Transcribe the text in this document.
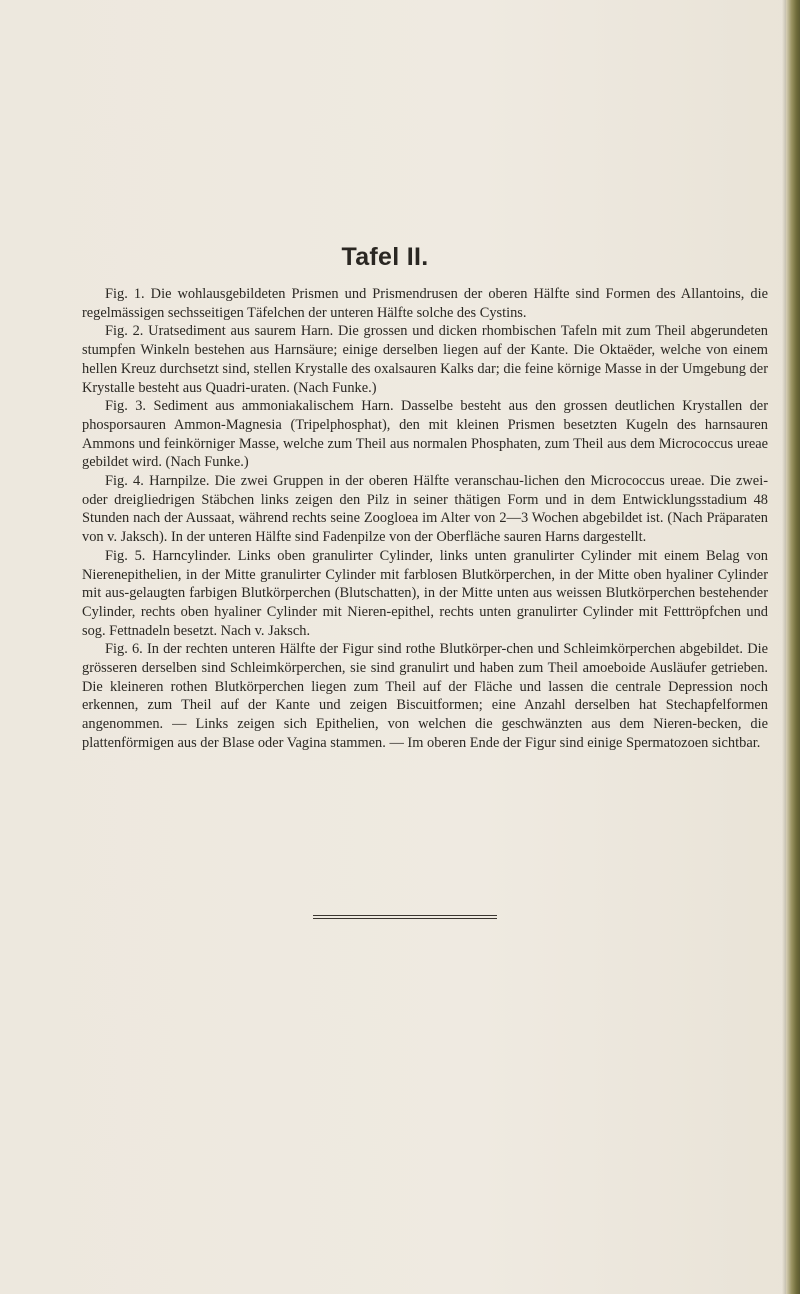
Tafel II.

Fig. 1. Die wohlausgebildeten Prismen und Prismendrusen der oberen Hälfte sind Formen des Allantoins, die regelmässigen sechsseitigen Täfelchen der unteren Hälfte solche des Cystins.

Fig. 2. Uratsediment aus saurem Harn. Die grossen und dicken rhombischen Tafeln mit zum Theil abgerundeten stumpfen Winkeln bestehen aus Harnsäure; einige derselben liegen auf der Kante. Die Oktaëder, welche von einem hellen Kreuz durchsetzt sind, stellen Krystalle des oxalsauren Kalks dar; die feine körnige Masse in der Umgebung der Krystalle besteht aus Quadri-uraten. (Nach Funke.)

Fig. 3. Sediment aus ammoniakalischem Harn. Dasselbe besteht aus den grossen deutlichen Krystallen der phosporsauren Ammon-Magnesia (Tripelphosphat), den mit kleinen Prismen besetzten Kugeln des harnsauren Ammons und feinkörniger Masse, welche zum Theil aus normalen Phosphaten, zum Theil aus dem Micrococcus ureae gebildet wird. (Nach Funke.)

Fig. 4. Harnpilze. Die zwei Gruppen in der oberen Hälfte veranschau-lichen den Micrococcus ureae. Die zwei- oder dreigliedrigen Stäbchen links zeigen den Pilz in seiner thätigen Form und in dem Entwicklungsstadium 48 Stunden nach der Aussaat, während rechts seine Zoogloea im Alter von 2—3 Wochen abgebildet ist. (Nach Präparaten von v. Jaksch). In der unteren Hälfte sind Fadenpilze von der Oberfläche sauren Harns dargestellt.

Fig. 5. Harncylinder. Links oben granulirter Cylinder, links unten granulirter Cylinder mit einem Belag von Nierenepithelien, in der Mitte granulirter Cylinder mit farblosen Blutkörperchen, in der Mitte oben hyaliner Cylinder mit aus-gelaugten farbigen Blutkörperchen (Blutschatten), in der Mitte unten aus weissen Blutkörperchen bestehender Cylinder, rechts oben hyaliner Cylinder mit Nieren-epithel, rechts unten granulirter Cylinder mit Fetttröpfchen und sog. Fettnadeln besetzt. Nach v. Jaksch.

Fig. 6. In der rechten unteren Hälfte der Figur sind rothe Blutkörper-chen und Schleimkörperchen abgebildet. Die grösseren derselben sind Schleimkörperchen, sie sind granulirt und haben zum Theil amoeboide Ausläufer getrieben. Die kleineren rothen Blutkörperchen liegen zum Theil auf der Fläche und lassen die centrale Depression noch erkennen, zum Theil auf der Kante und zeigen Biscuitformen; eine Anzahl derselben hat Stechapfelformen angenommen. — Links zeigen sich Epithelien, von welchen die geschwänzten aus dem Nieren-becken, die plattenförmigen aus der Blase oder Vagina stammen. — Im oberen Ende der Figur sind einige Spermatozoen sichtbar.
